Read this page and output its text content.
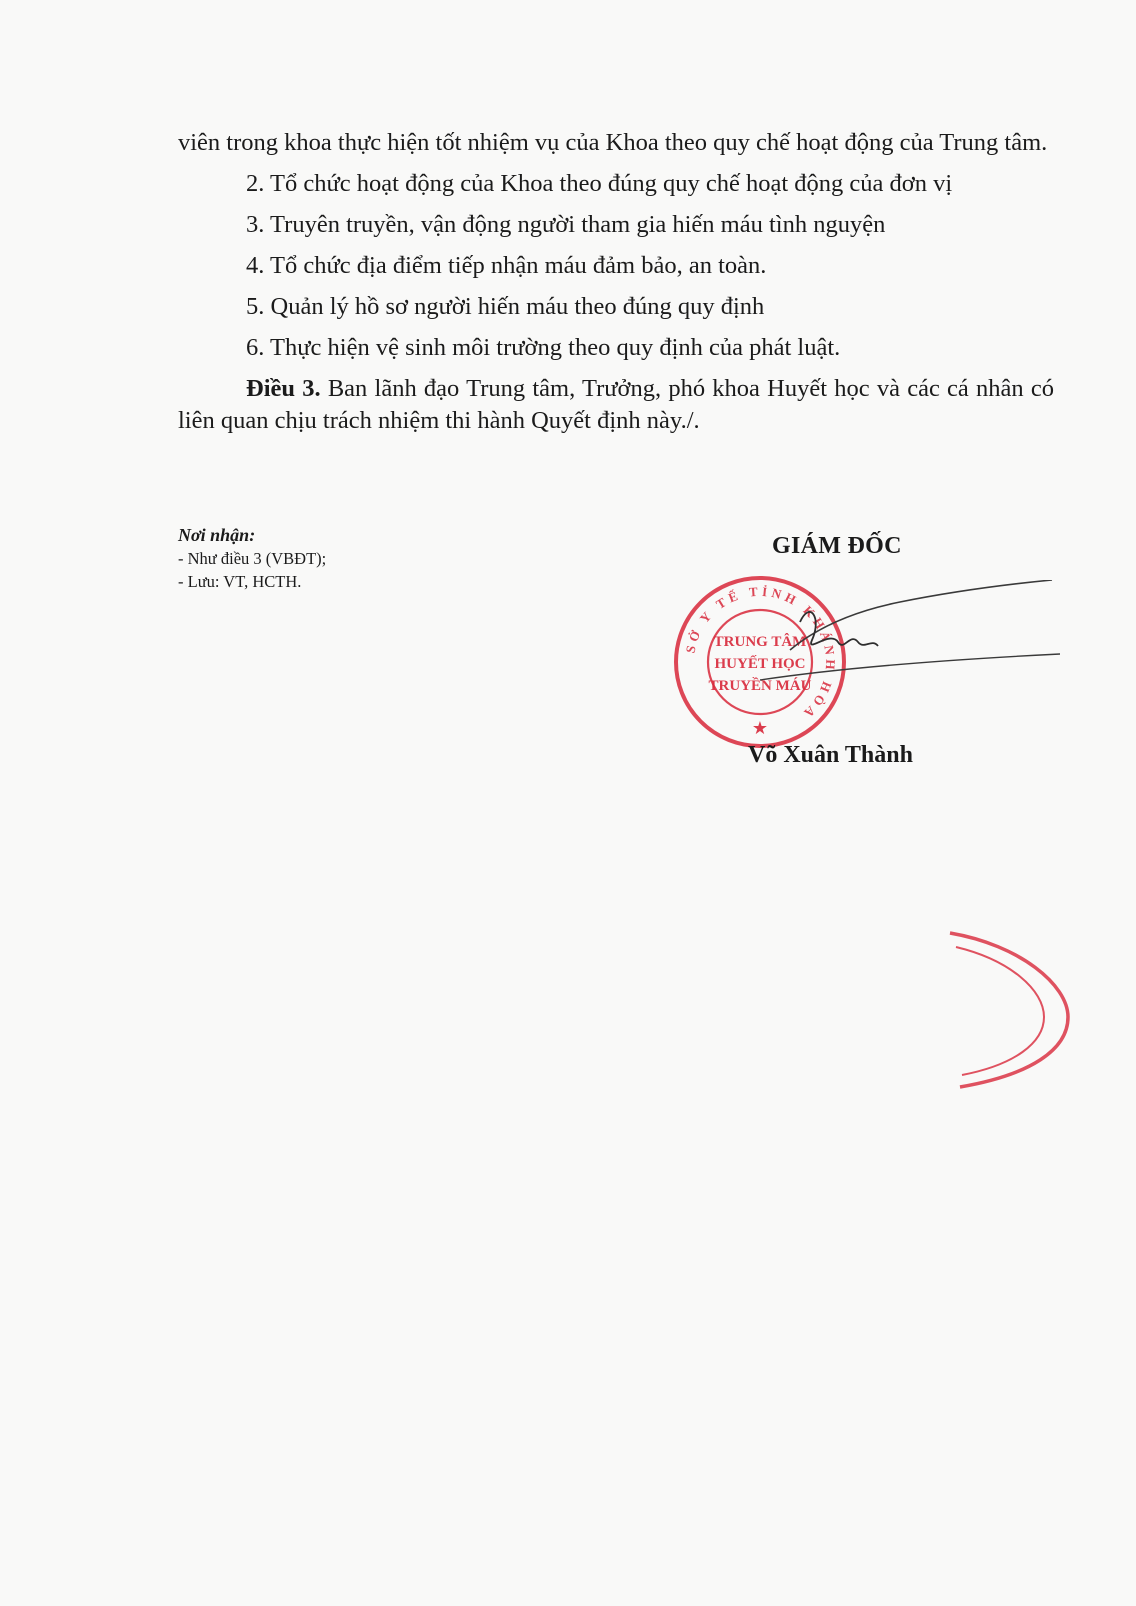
viên trong khoa thực hiện tốt nhiệm vụ của Khoa theo quy chế hoạt động của Trung tâm.

2. Tổ chức hoạt động của Khoa theo đúng quy chế hoạt động của đơn vị

3. Truyên truyền, vận động người tham gia hiến máu tình nguyện

4. Tổ chức địa điểm tiếp nhận máu đảm bảo, an toàn.

5. Quản lý hồ sơ người hiến máu theo đúng quy định

6. Thực hiện vệ sinh môi trường theo quy định của phát luật.

Điều 3. Ban lãnh đạo Trung tâm, Trưởng, phó khoa Huyết học và các cá nhân có liên quan chịu trách nhiệm thi hành Quyết định này./.

Nơi nhận:
- Như điều 3 (VBĐT);
- Lưu: VT, HCTH.
GIÁM ĐỐC
SỞ Y TẾ TỈNH KHÁNH HÒA
★
TRUNG TÂM
HUYẾT HỌC
TRUYỀN MÁU
Võ Xuân Thành
